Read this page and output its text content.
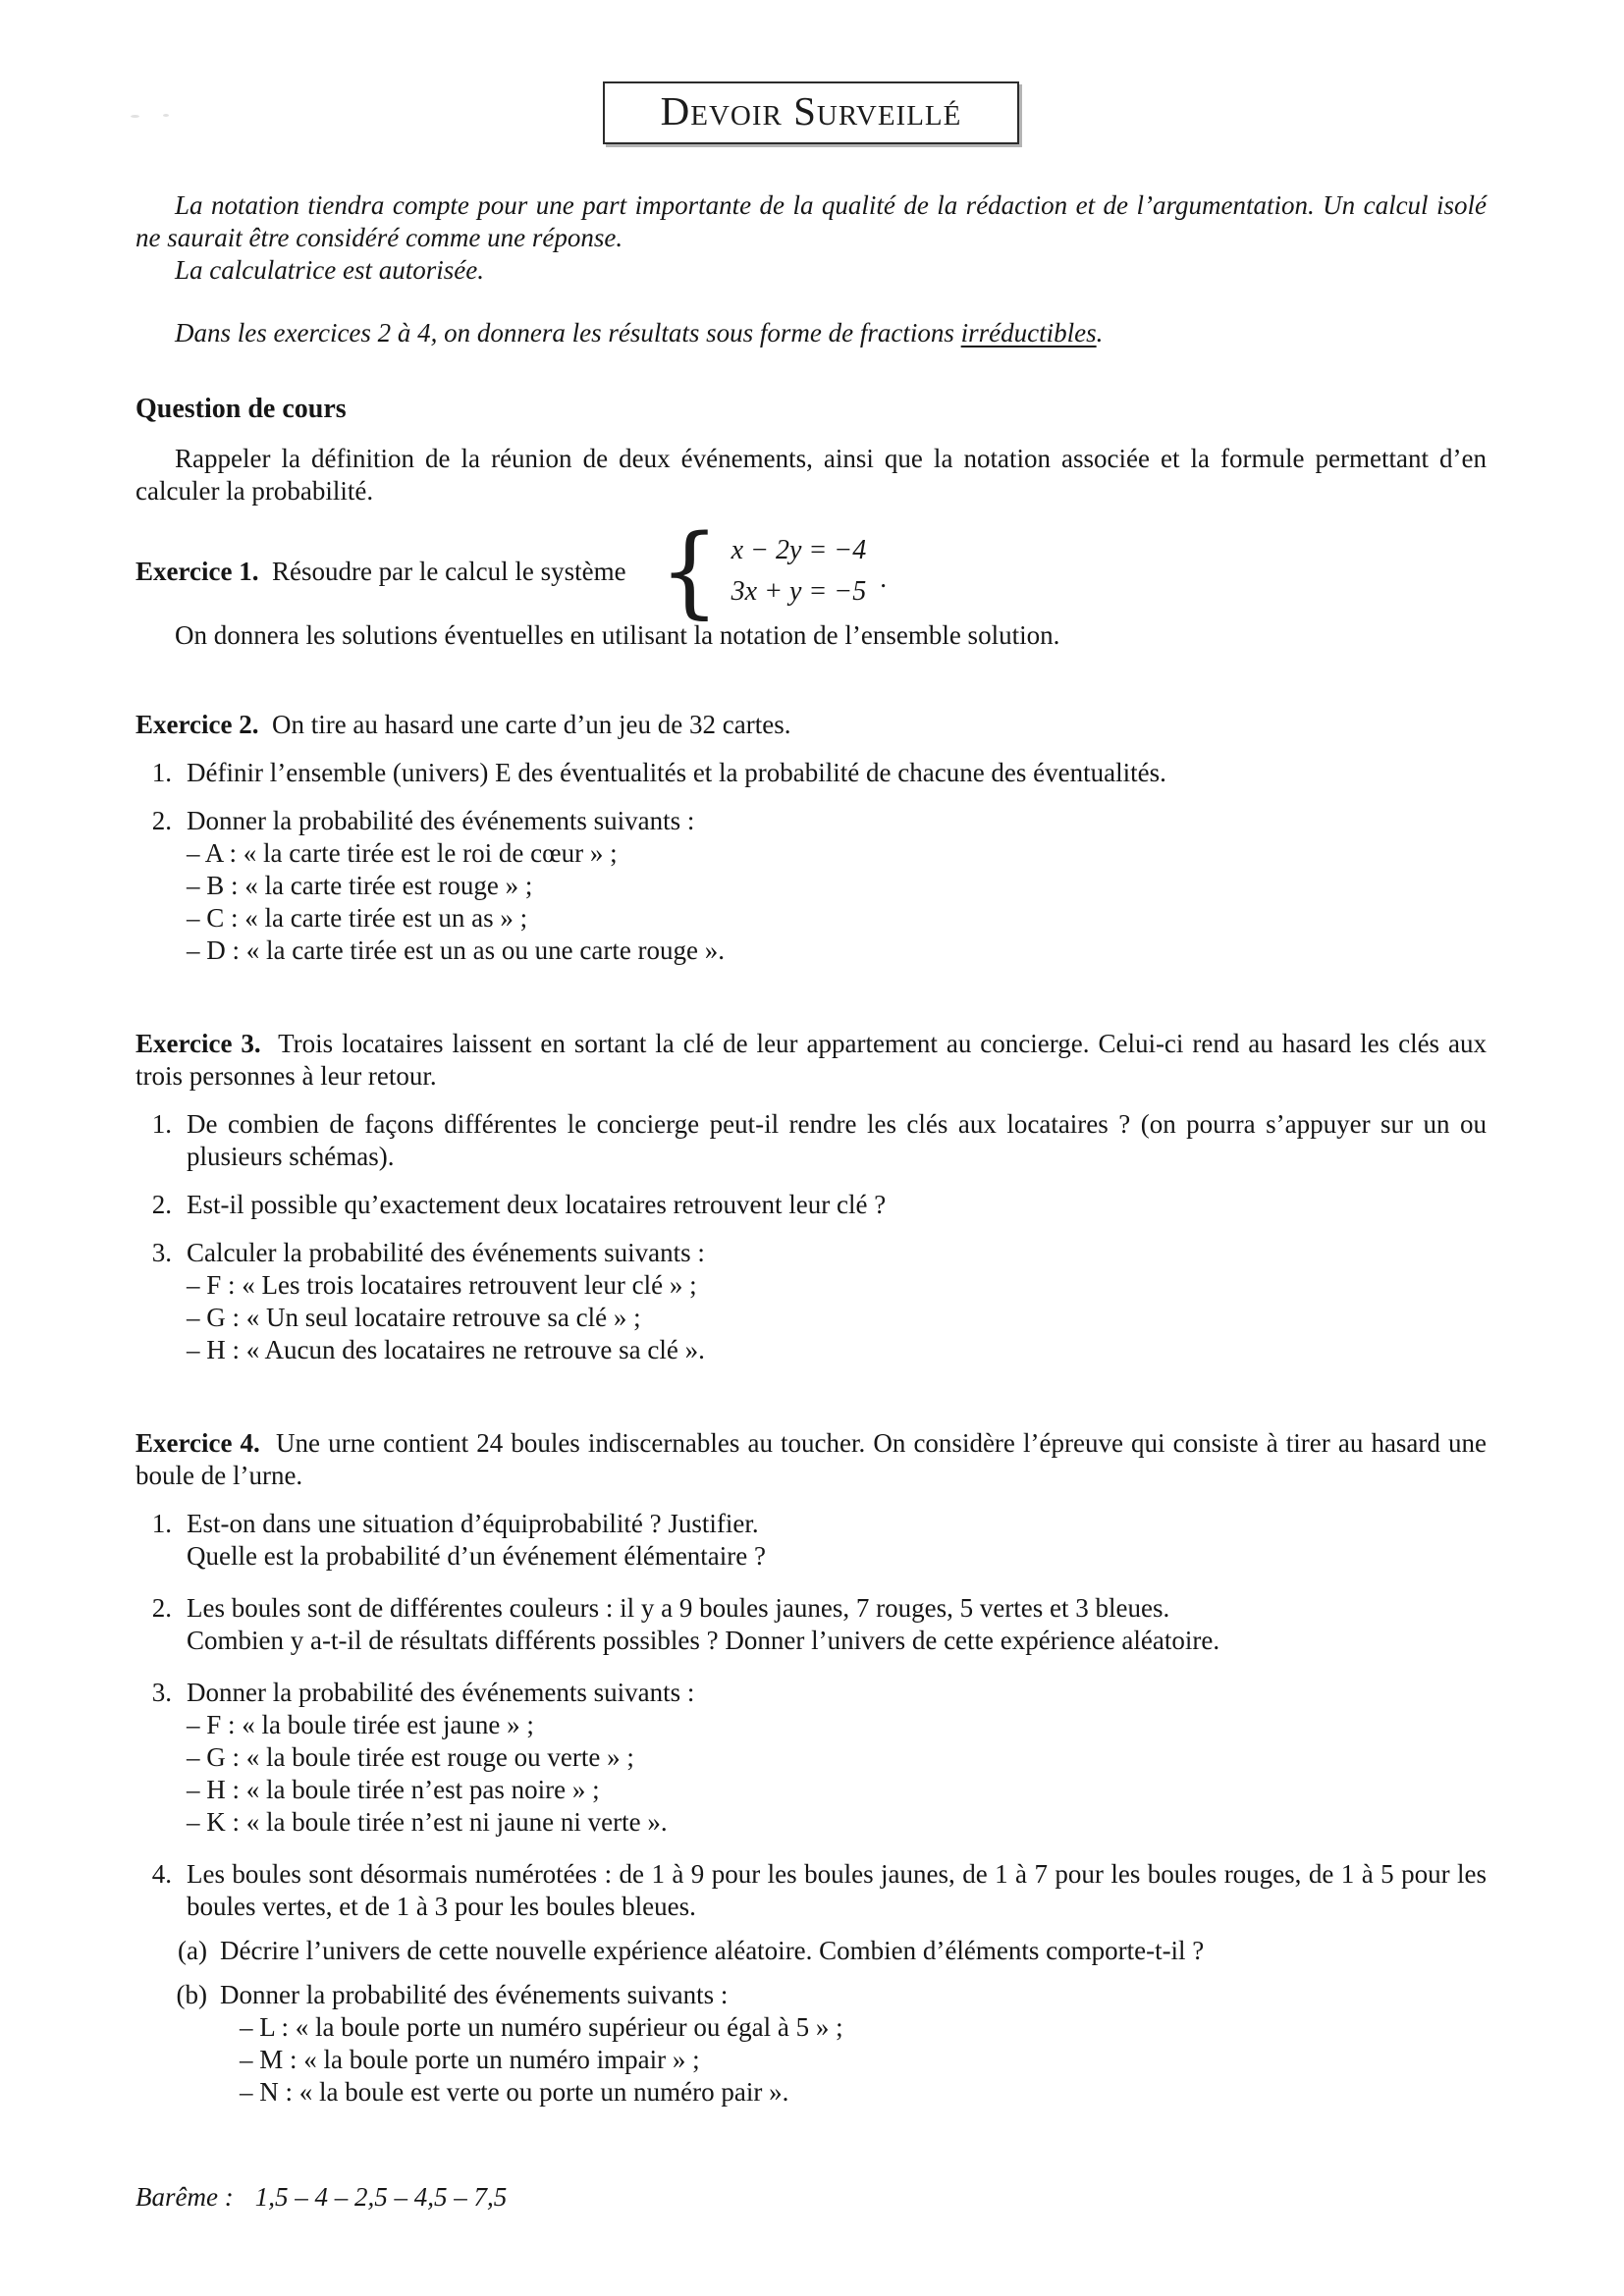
Devoir Surveillé

La notation tiendra compte pour une part importante de la qualité de la rédaction et de l’argumentation. Un calcul isolé ne saurait être considéré comme une réponse.

La calculatrice est autorisée.

Dans les exercices 2 à 4, on donnera les résultats sous forme de fractions irréductibles.

Question de cours

Rappeler la définition de la réunion de deux événements, ainsi que la notation associée et la formule permettant d’en calculer la probabilité.

Exercice 1. Résoudre par le calcul le système { x − 2y = −4
3x + y = −5 .

On donnera les solutions éventuelles en utilisant la notation de l’ensemble solution.

Exercice 2. On tire au hasard une carte d’un jeu de 32 cartes.

1. Définir l’ensemble (univers) E des éventualités et la probabilité de chacune des éventualités.
2. Donner la probabilité des événements suivants :
– A : « la carte tirée est le roi de cœur » ;
– B : « la carte tirée est rouge » ;
– C : « la carte tirée est un as » ;
– D : « la carte tirée est un as ou une carte rouge ».

Exercice 3. Trois locataires laissent en sortant la clé de leur appartement au concierge. Celui-ci rend au hasard les clés aux trois personnes à leur retour.

1. De combien de façons différentes le concierge peut-il rendre les clés aux locataires ? (on pourra s’appuyer sur un ou plusieurs schémas).
2. Est-il possible qu’exactement deux locataires retrouvent leur clé ?
3. Calculer la probabilité des événements suivants :
– F : « Les trois locataires retrouvent leur clé » ;
– G : « Un seul locataire retrouve sa clé » ;
– H : « Aucun des locataires ne retrouve sa clé ».

Exercice 4. Une urne contient 24 boules indiscernables au toucher. On considère l’épreuve qui consiste à tirer au hasard une boule de l’urne.

1. Est-on dans une situation d’équiprobabilité ? Justifier.
Quelle est la probabilité d’un événement élémentaire ?
2. Les boules sont de différentes couleurs : il y a 9 boules jaunes, 7 rouges, 5 vertes et 3 bleues.
Combien y a-t-il de résultats différents possibles ? Donner l’univers de cette expérience aléatoire.
3. Donner la probabilité des événements suivants :
– F : « la boule tirée est jaune » ;
– G : « la boule tirée est rouge ou verte » ;
– H : « la boule tirée n’est pas noire » ;
– K : « la boule tirée n’est ni jaune ni verte ».
4. Les boules sont désormais numérotées : de 1 à 9 pour les boules jaunes, de 1 à 7 pour les boules rouges, de 1 à 5 pour les boules vertes, et de 1 à 3 pour les boules bleues.
(a) Décrire l’univers de cette nouvelle expérience aléatoire. Combien d’éléments comporte-t-il ?
(b) Donner la probabilité des événements suivants :
– L : « la boule porte un numéro supérieur ou égal à 5 » ;
– M : « la boule porte un numéro impair » ;
– N : « la boule est verte ou porte un numéro pair ».

Barême : 1,5 – 4 – 2,5 – 4,5 – 7,5
